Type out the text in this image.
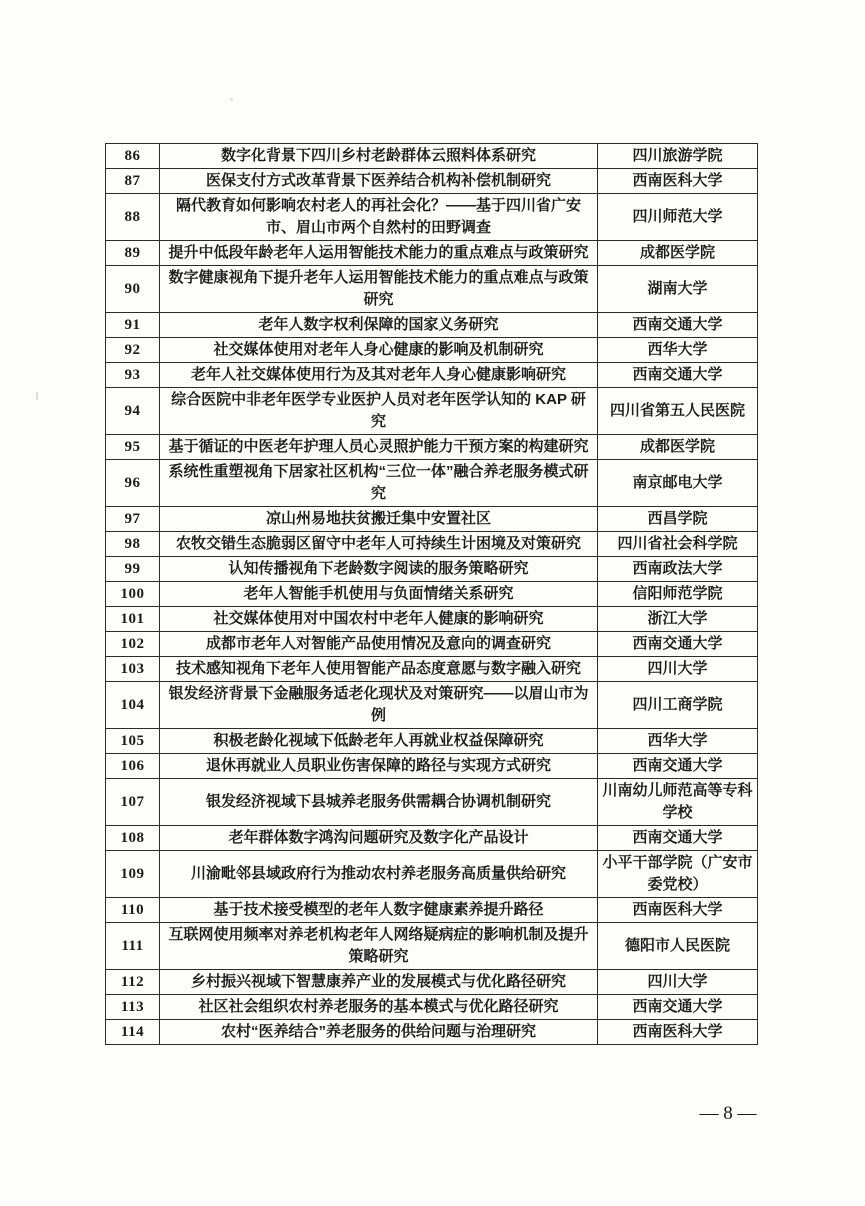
86	数字化背景下四川乡村老龄群体云照料体系研究	四川旅游学院
87	医保支付方式改革背景下医养结合机构补偿机制研究	西南医科大学
88	隔代教育如何影响农村老人的再社会化？——基于四川省广安市、眉山市两个自然村的田野调查	四川师范大学
89	提升中低段年龄老年人运用智能技术能力的重点难点与政策研究	成都医学院
90	数字健康视角下提升老年人运用智能技术能力的重点难点与政策研究	湖南大学
91	老年人数字权利保障的国家义务研究	西南交通大学
92	社交媒体使用对老年人身心健康的影响及机制研究	西华大学
93	老年人社交媒体使用行为及其对老年人身心健康影响研究	西南交通大学
94	综合医院中非老年医学专业医护人员对老年医学认知的 KAP 研究	四川省第五人民医院
95	基于循证的中医老年护理人员心灵照护能力干预方案的构建研究	成都医学院
96	系统性重塑视角下居家社区机构“三位一体”融合养老服务模式研究	南京邮电大学
97	凉山州易地扶贫搬迁集中安置社区	西昌学院
98	农牧交错生态脆弱区留守中老年人可持续生计困境及对策研究	四川省社会科学院
99	认知传播视角下老龄数字阅读的服务策略研究	西南政法大学
100	老年人智能手机使用与负面情绪关系研究	信阳师范学院
101	社交媒体使用对中国农村中老年人健康的影响研究	浙江大学
102	成都市老年人对智能产品使用情况及意向的调查研究	西南交通大学
103	技术感知视角下老年人使用智能产品态度意愿与数字融入研究	四川大学
104	银发经济背景下金融服务适老化现状及对策研究——以眉山市为例	四川工商学院
105	积极老龄化视域下低龄老年人再就业权益保障研究	西华大学
106	退休再就业人员职业伤害保障的路径与实现方式研究	西南交通大学
107	银发经济视域下县城养老服务供需耦合协调机制研究	川南幼儿师范高等专科学校
108	老年群体数字鸿沟问题研究及数字化产品设计	西南交通大学
109	川渝毗邻县域政府行为推动农村养老服务高质量供给研究	小平干部学院（广安市委党校）
110	基于技术接受模型的老年人数字健康素养提升路径	西南医科大学
111	互联网使用频率对养老机构老年人网络疑病症的影响机制及提升策略研究	德阳市人民医院
112	乡村振兴视域下智慧康养产业的发展模式与优化路径研究	四川大学
113	社区社会组织农村养老服务的基本模式与优化路径研究	西南交通大学
114	农村“医养结合”养老服务的供给问题与治理研究	西南医科大学
— 8 —
